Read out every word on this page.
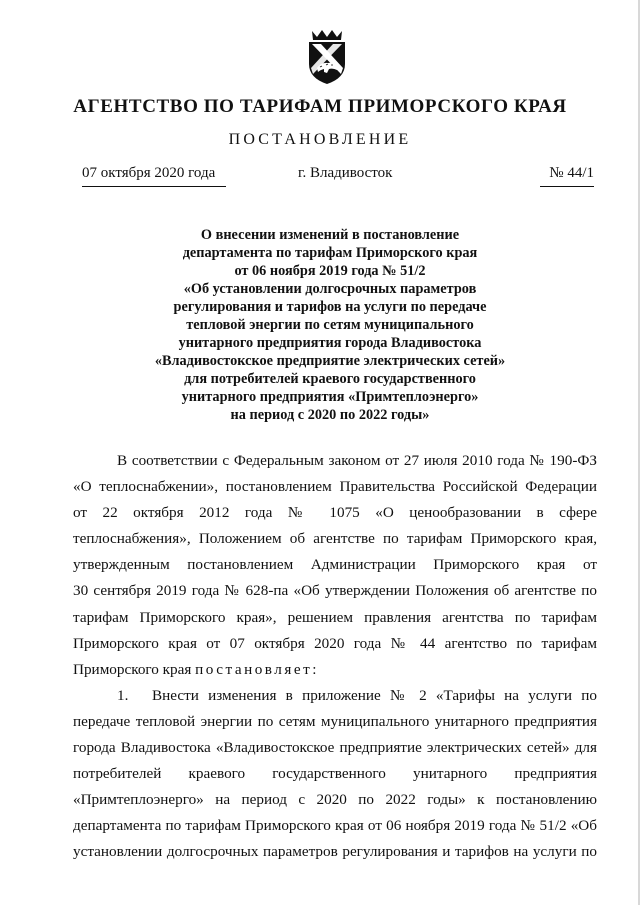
АГЕНТСТВО ПО ТАРИФАМ ПРИМОРСКОГО КРАЯ
ПОСТАНОВЛЕНИЕ
07 октября 2020 года	г. Владивосток	№ 44/1
О внесении изменений в постановление
департамента по тарифам Приморского края
от 06 ноября 2019 года № 51/2
«Об установлении долгосрочных параметров
регулирования и тарифов на услуги по передаче
тепловой энергии по сетям муниципального
унитарного предприятия города Владивостока
«Владивостокское предприятие электрических сетей»
для потребителей краевого государственного
унитарного предприятия «Примтеплоэнерго»
на период с 2020 по 2022 годы»
В соответствии с Федеральным законом от 27 июля 2010 года № 190-ФЗ
«О теплоснабжении», постановлением Правительства Российской Федерации
от 22 октября 2012 года № 1075 «О ценообразовании в сфере
теплоснабжения», Положением об агентстве по тарифам Приморского края,
утвержденным постановлением Администрации Приморского края от
30 сентября 2019 года № 628-па «Об утверждении Положения об агентстве по
тарифам Приморского края», решением правления агентства по тарифам
Приморского края от 07 октября 2020 года № 44 агентство по тарифам
Приморского края постановляет:
1. Внести изменения в приложение № 2 «Тарифы на услуги по
передаче тепловой энергии по сетям муниципального унитарного предприятия
города Владивостока «Владивостокское предприятие электрических сетей» для
потребителей краевого государственного унитарного предприятия
«Примтеплоэнерго» на период с 2020 по 2022 годы» к постановлению
департамента по тарифам Приморского края от 06 ноября 2019 года № 51/2 «Об
установлении долгосрочных параметров регулирования и тарифов на услуги по
